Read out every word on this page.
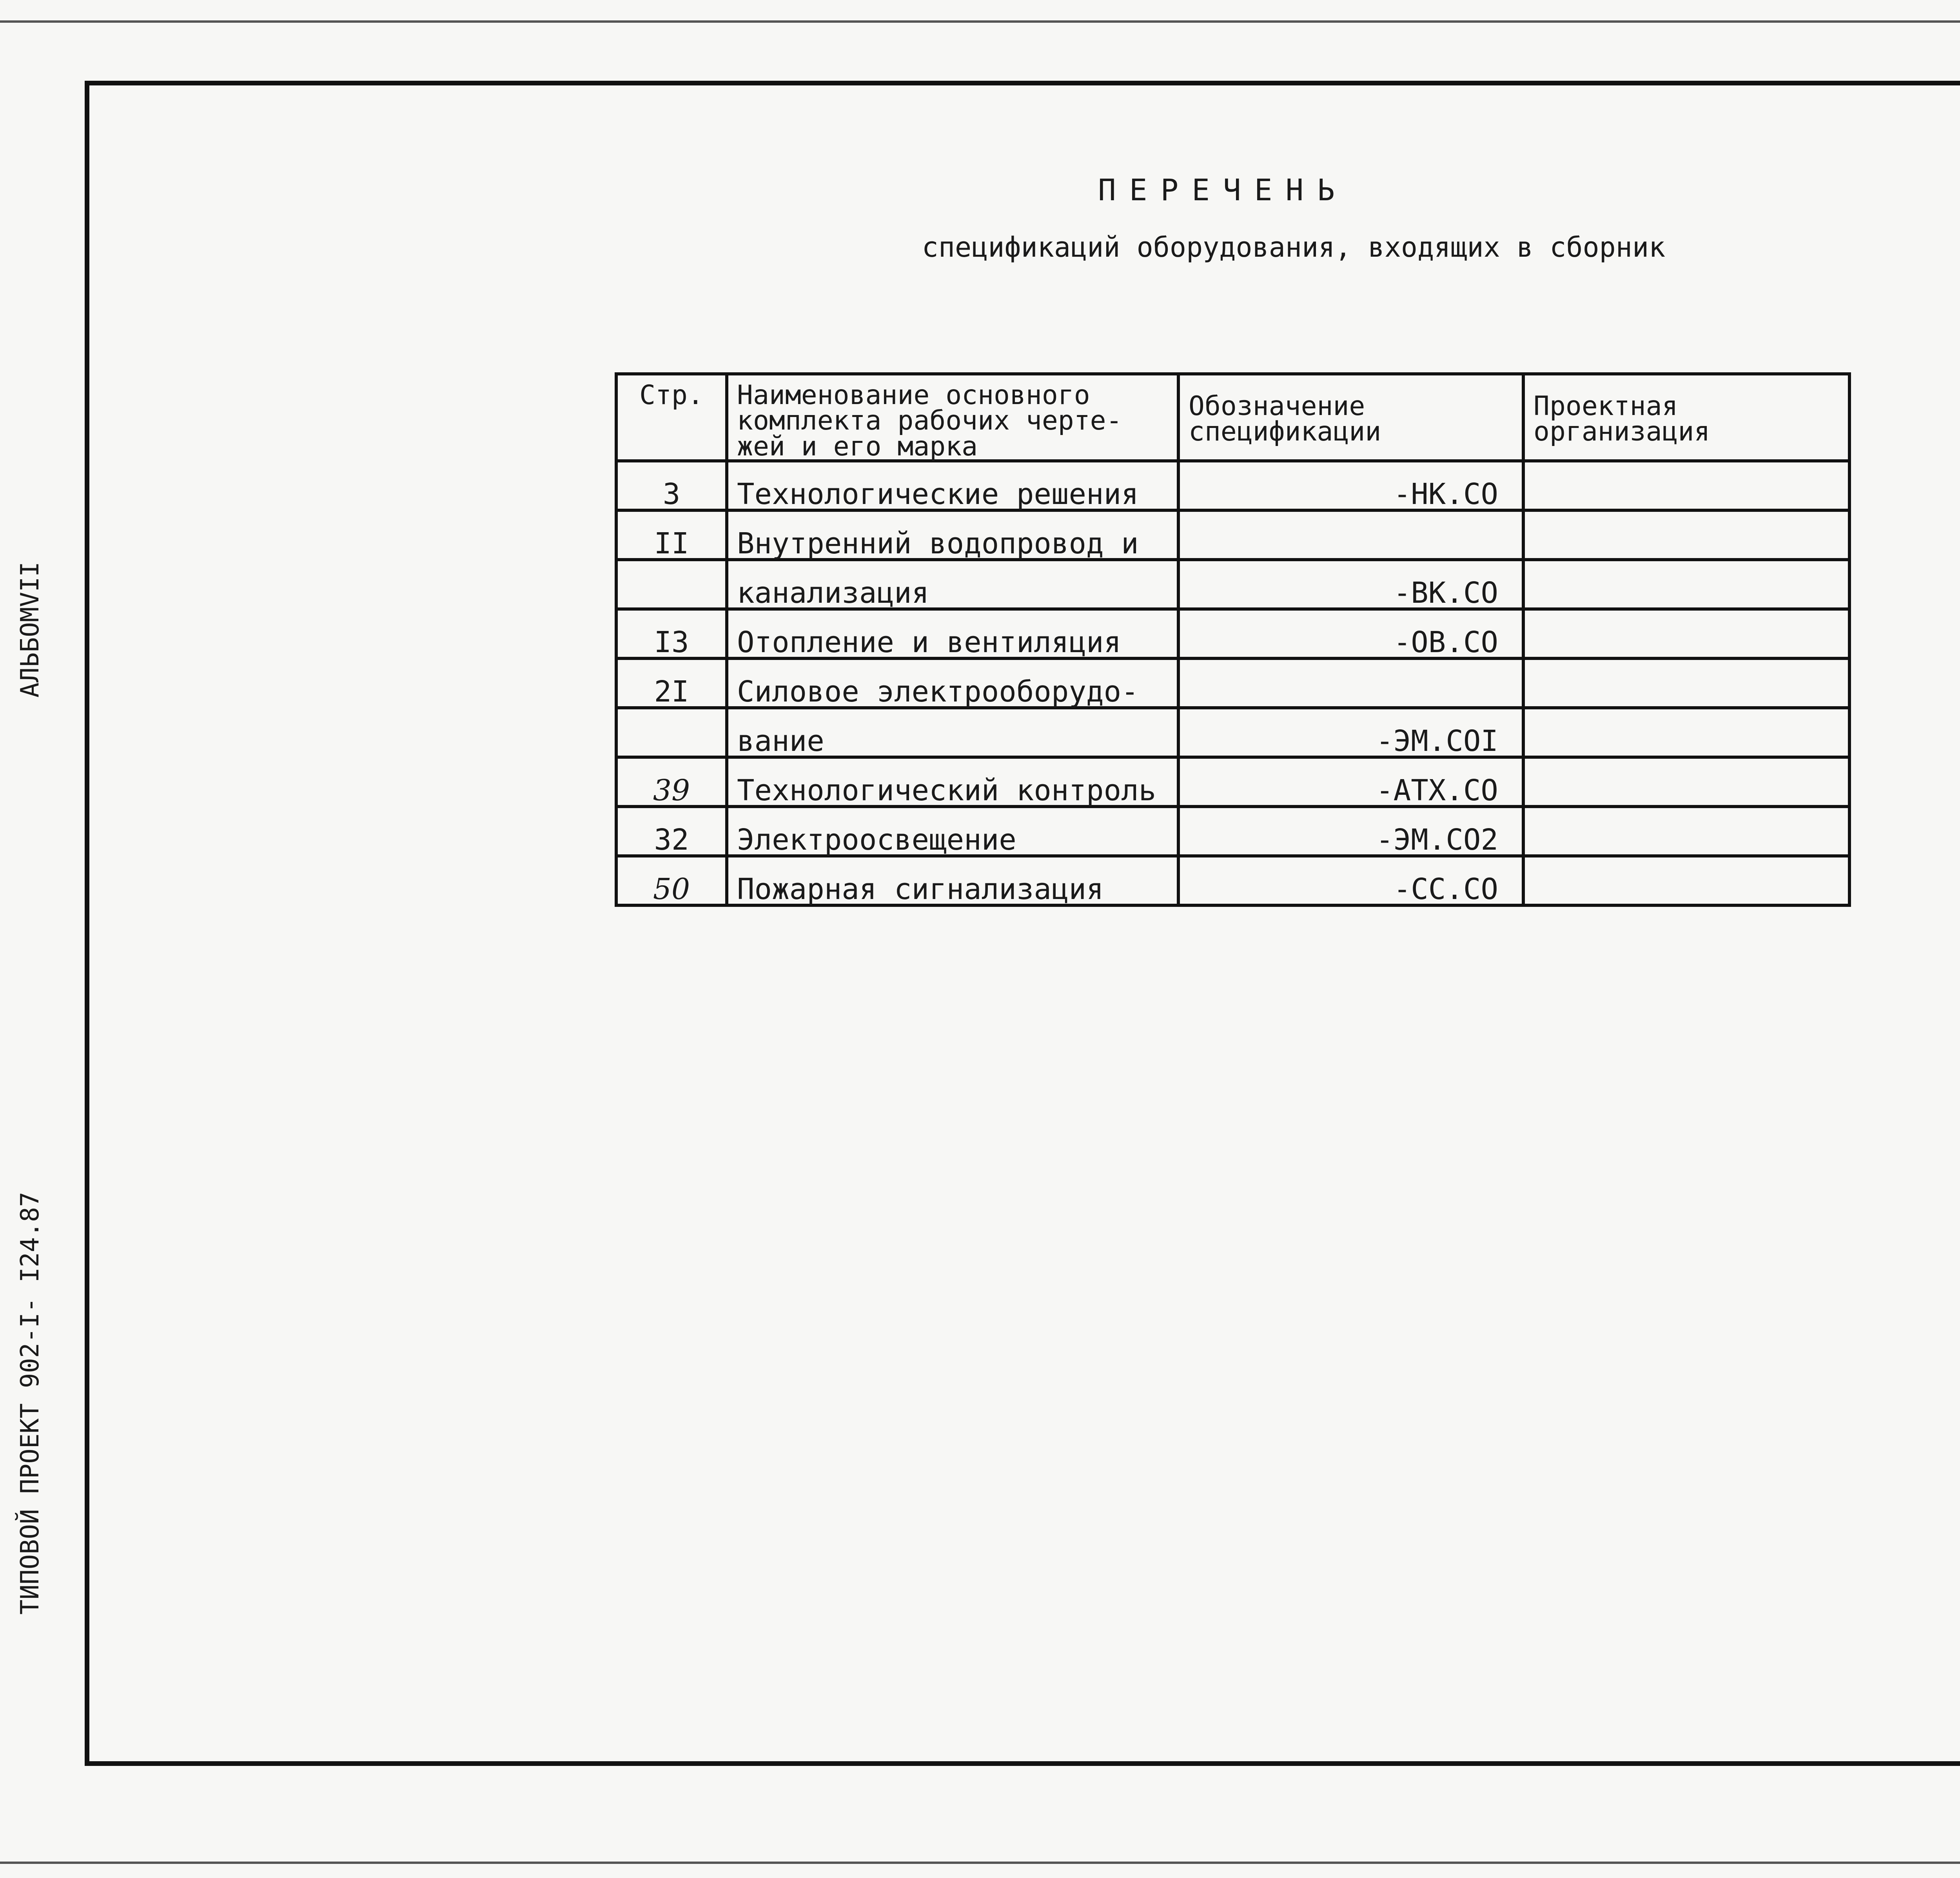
ПЕРЕЧЕНЬ
спецификаций оборудования, входящих в сборник
АЛЬБОМVII
ТИПОВОЙ ПРОЕКТ 902-I- I24.87
Стр.	Наименование основного комплекта рабочих черте- жей и его марка	Обозначение спецификации	Проектная организация
3	Технологические решения	-НК.СО	
II	Внутренний водопровод и		
	канализация	-ВК.СО	
I3	Отопление и вентиляция	-ОВ.СО	
2I	Силовое электрооборудо-		
	вание	-ЭМ.СОI	
39	Технологический контроль	-АТХ.СО	
32	Электроосвещение	-ЭМ.СО2	
50	Пожарная сигнализация	-СС.СО	
